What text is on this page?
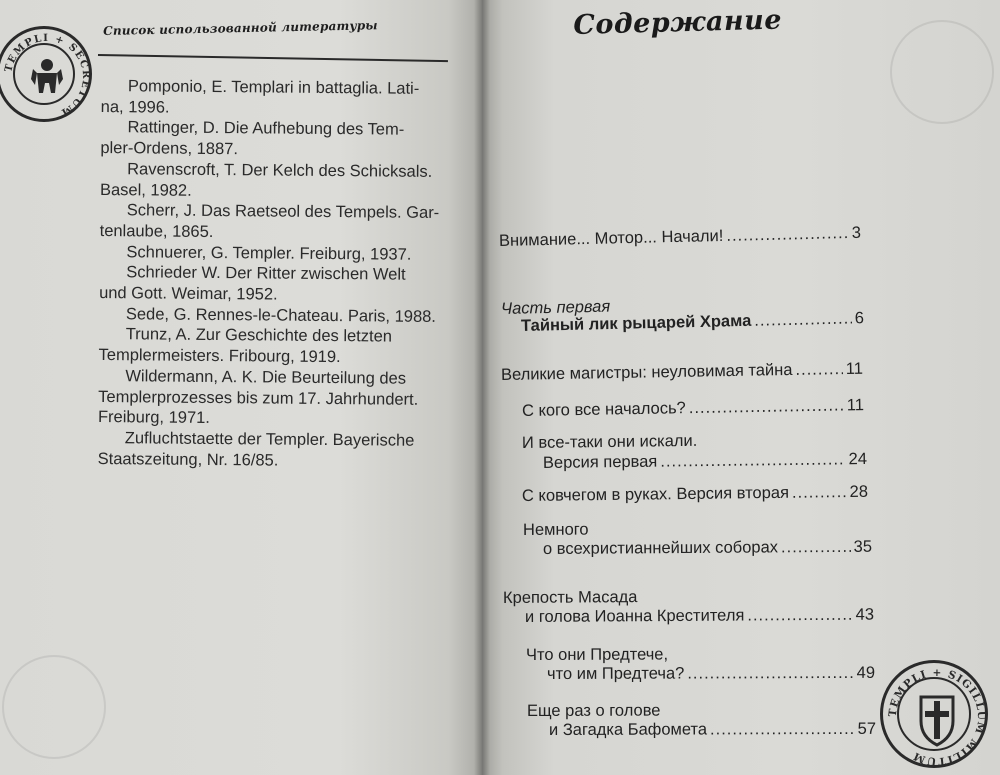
TEMPLI + SECRETUM
Список использованной литературы

Pomponio, E. Templari in battaglia. Lati-
na, 1996.

Rattinger, D. Die Aufhebung des Tem-
pler-Ordens, 1887.

Ravenscroft, T. Der Kelch des Schicksals.
Basel, 1982.

Scherr, J. Das Raetseol des Tempels. Gar-
tenlaube, 1865.

Schnuerer, G. Templer. Freiburg, 1937.

Schrieder W. Der Ritter zwischen Welt
und Gott. Weimar, 1952.

Sede, G. Rennes-le-Chateau. Paris, 1988.

Trunz, A. Zur Geschichte des letzten
Templermeisters. Fribourg, 1919.

Wildermann, A. K. Die Beurteilung des
Templerprozesses bis zum 17. Jahrhundert.
Freiburg, 1971.

Zufluchtstaette der Templer. Bayerische
Staatszeitung, Nr. 16/85.

Содержание
Внимание... Мотор... Начали! .....	3
Часть первая
Тайный лик рыцарей Храма .....	6
Великие магистры: неуловимая тайна .....	11
С кого все началось? .....	11
И все-таки они искали.
Версия первая .....	24
С ковчегом в руках. Версия вторая .....	28
Немного
о всехристианнейших соборах .....	35
Крепость Масада
и голова Иоанна Крестителя .....	43
Что они Предтече,
что им Предтеча? .....	49
Еще раз о голове
и Загадка Бафомета .....	57
TEMPLI + SIGILLUM MILITUM
